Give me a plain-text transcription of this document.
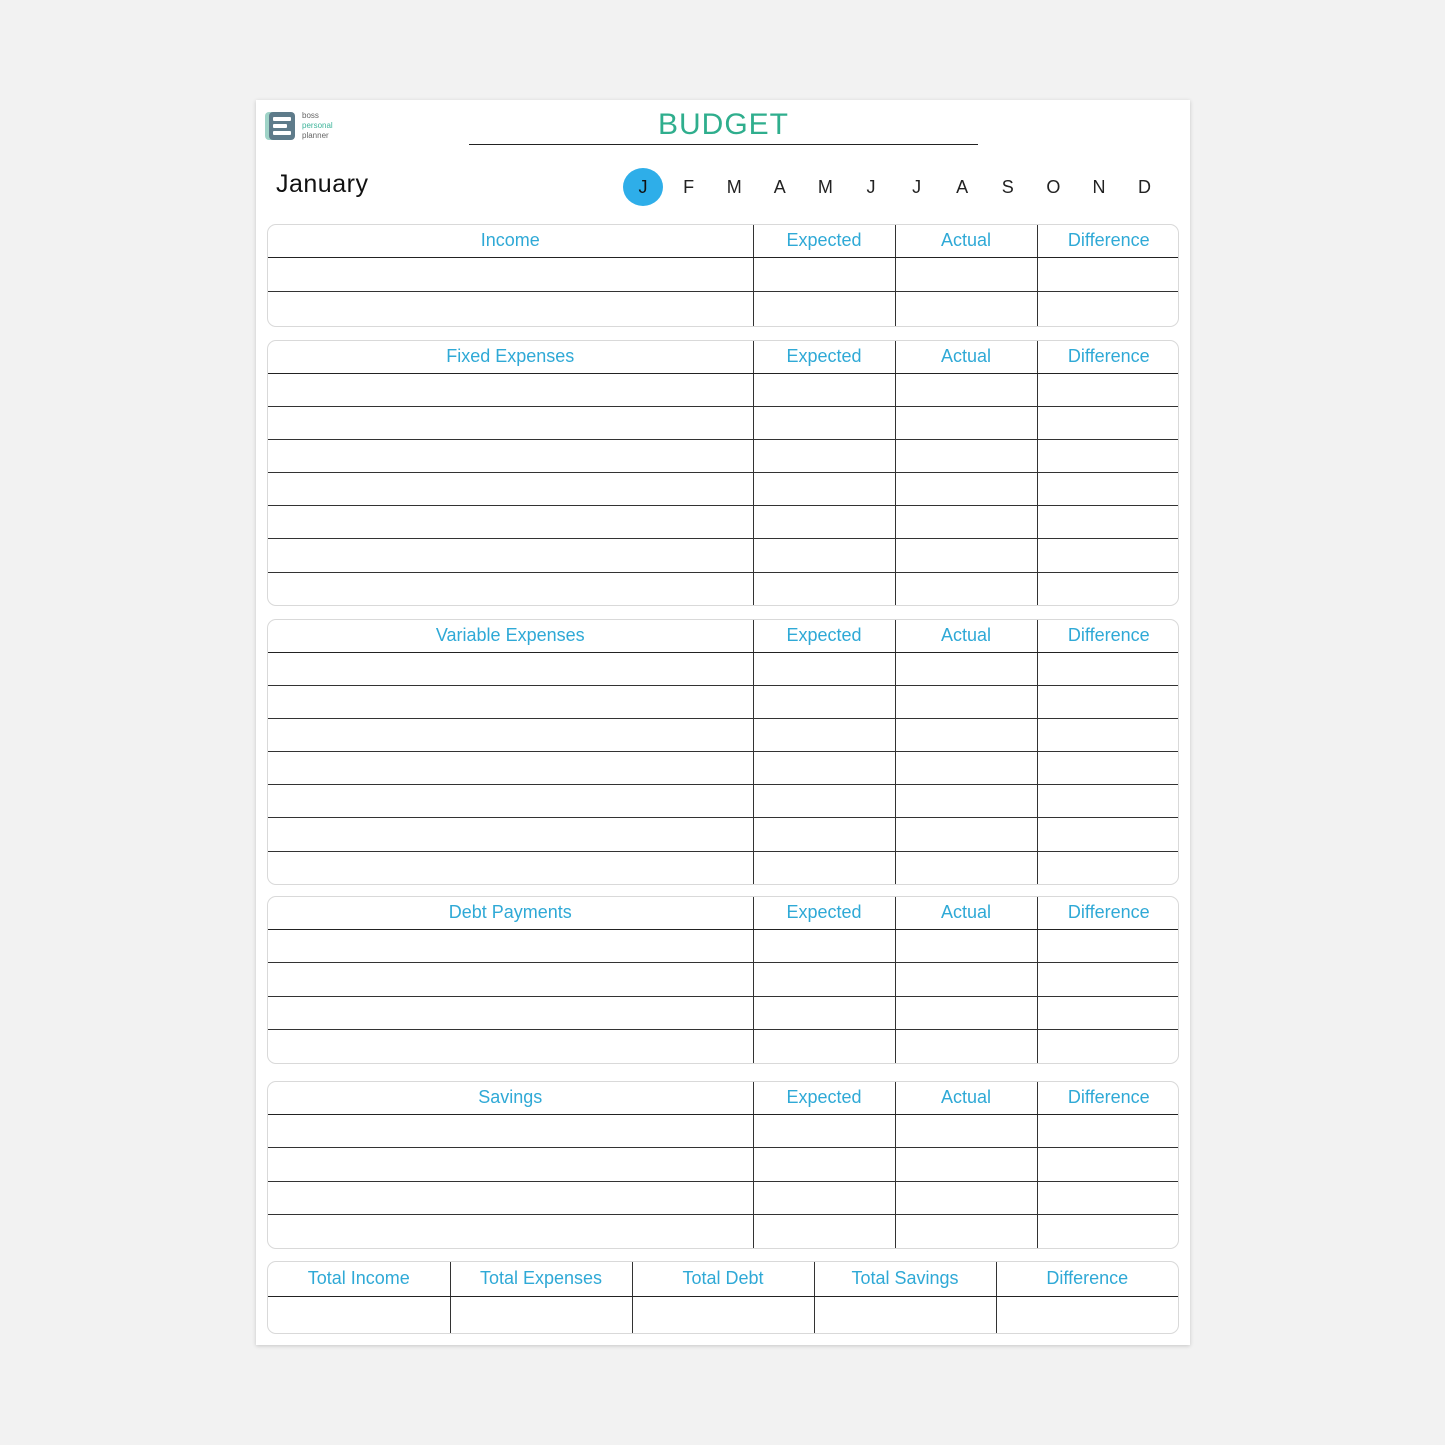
boss
personal
planner	BUDGET
January	J	F	M	A	M	J	J	A	S	O	N	D
Income	Expected	Actual	Difference

Fixed Expenses	Expected	Actual	Difference

Variable Expenses	Expected	Actual	Difference

Debt Payments	Expected	Actual	Difference

Savings	Expected	Actual	Difference

Total Income	Total Expenses	Total Debt	Total Savings	Difference
